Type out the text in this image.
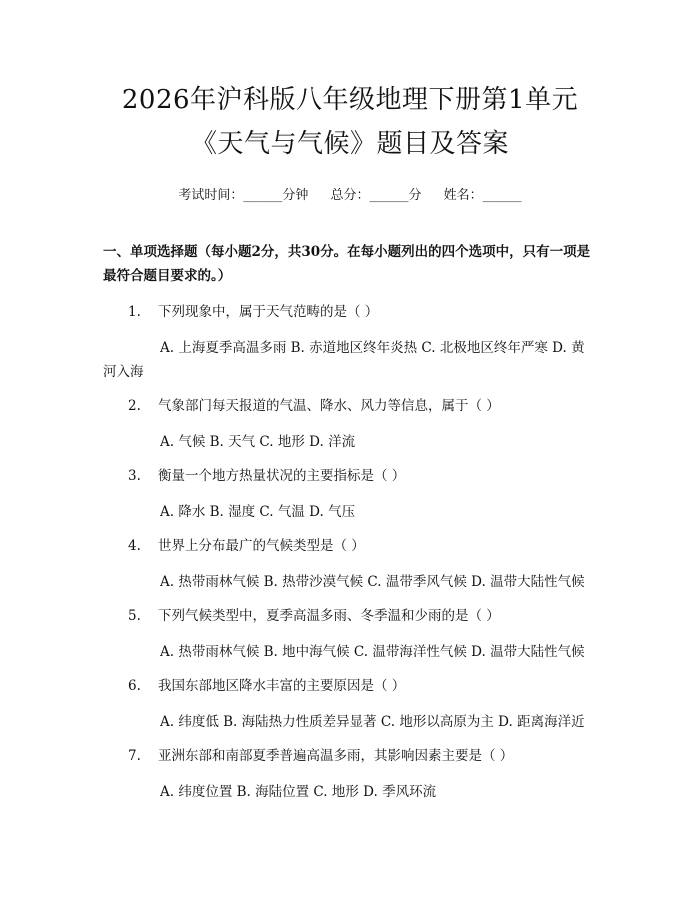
2026年沪科版八年级地理下册第1单元《天气与气候》题目及答案
考试时间：______分钟 总分：______分 姓名：______
一、单项选择题（每小题2分，共30分。在每小题列出的四个选项中，只有一项是最符合题目要求的。）
1.	下列现象中，属于天气范畴的是（ ）
A. 上海夏季高温多雨 B. 赤道地区终年炎热 C. 北极地区终年严寒 D. 黄河入海
2.	气象部门每天报道的气温、降水、风力等信息，属于（ ）
A. 气候 B. 天气 C. 地形 D. 洋流
3.	衡量一个地方热量状况的主要指标是（ ）
A. 降水 B. 湿度 C. 气温 D. 气压
4.	世界上分布最广的气候类型是（ ）
A. 热带雨林气候 B. 热带沙漠气候 C. 温带季风气候 D. 温带大陆性气候
5.	下列气候类型中，夏季高温多雨、冬季温和少雨的是（ ）
A. 热带雨林气候 B. 地中海气候 C. 温带海洋性气候 D. 温带大陆性气候
6.	我国东部地区降水丰富的主要原因是（ ）
A. 纬度低 B. 海陆热力性质差异显著 C. 地形以高原为主 D. 距离海洋近
7.	亚洲东部和南部夏季普遍高温多雨，其影响因素主要是（ ）
A. 纬度位置 B. 海陆位置 C. 地形 D. 季风环流
